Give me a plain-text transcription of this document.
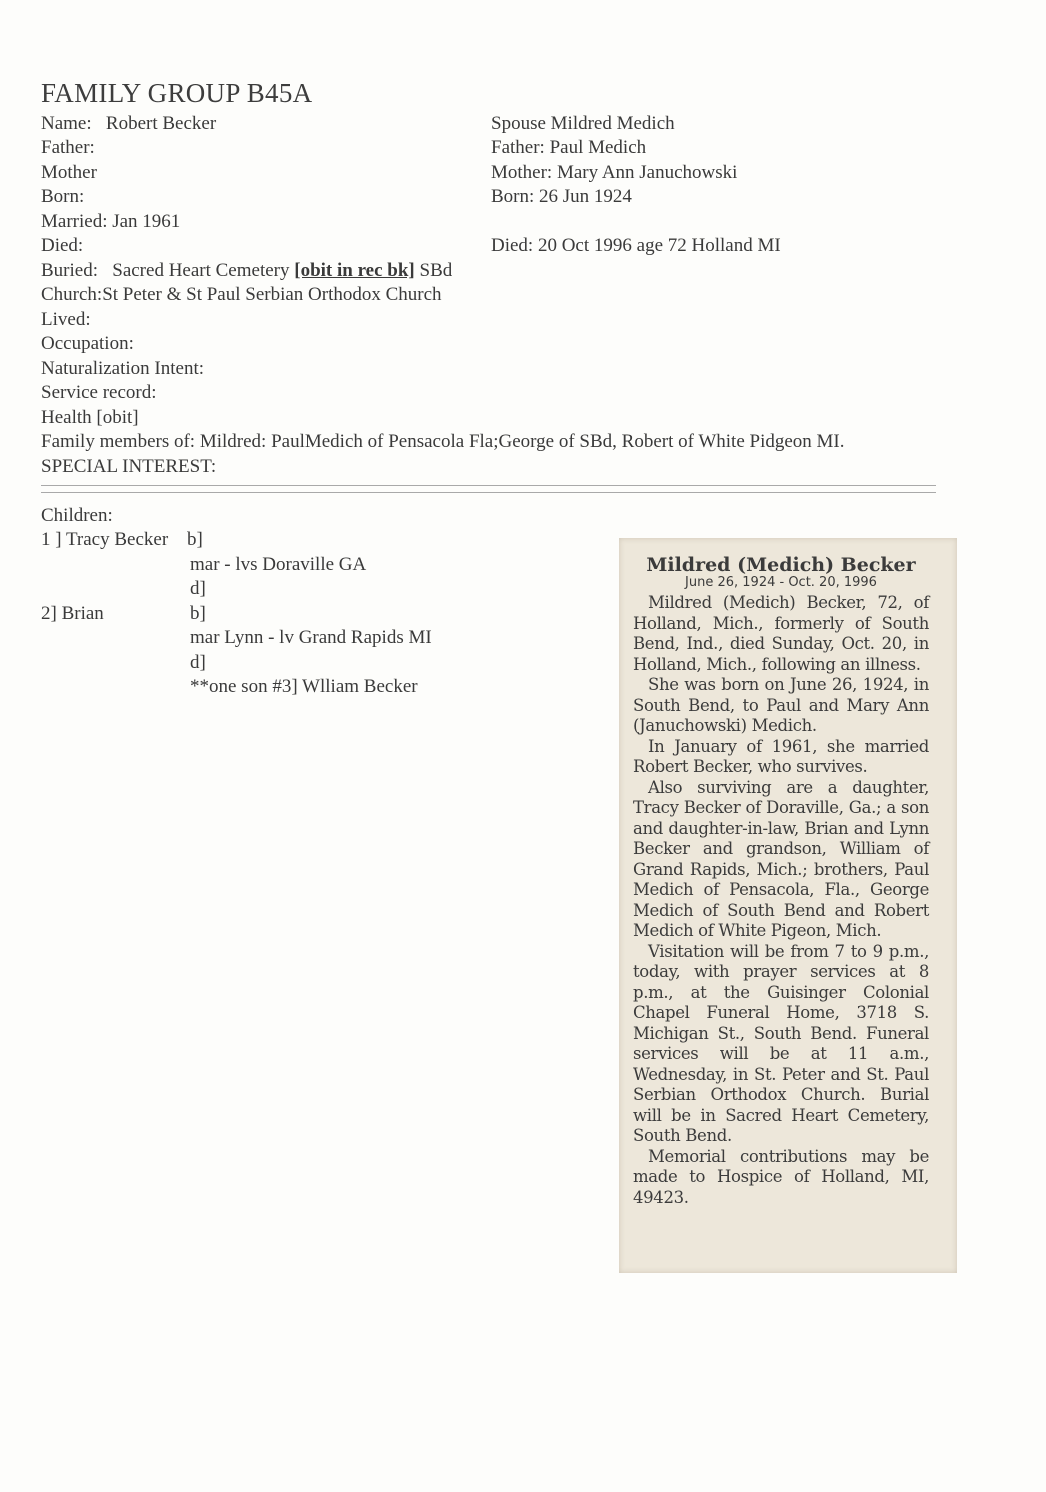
FAMILY GROUP B45A
Name: Robert Becker
Father:
Mother
Born:
Married: Jan 1961
Died:
Buried: Sacred Heart Cemetery [obit in rec bk] SBd
Church:St Peter & St Paul Serbian Orthodox Church
Lived:
Occupation:
Naturalization Intent:
Service record:
Health [obit]
Family members of: Mildred: PaulMedich of Pensacola Fla;George of SBd, Robert of White Pidgeon MI.
SPECIAL INTEREST:
Spouse Mildred Medich
Father: Paul Medich
Mother: Mary Ann Januchowski
Born: 26 Jun 1924
Died: 20 Oct 1996 age 72 Holland MI
Children:
1 ] Tracy Becker b]
mar - lvs Doraville GA
d]
2] Brian	b]
mar Lynn - lv Grand Rapids MI
d]
**one son #3] Wlliam Becker
Mildred (Medich) Becker
June 26, 1924 - Oct. 20, 1996

Mildred (Medich) Becker, 72, of Holland, Mich., formerly of South Bend, Ind., died Sunday, Oct. 20, in Holland, Mich., following an illness.

She was born on June 26, 1924, in South Bend, to Paul and Mary Ann (Januchowski) Medich.

In January of 1961, she married Robert Becker, who survives.

Also surviving are a daughter, Tracy Becker of Doraville, Ga.; a son and daughter-in-law, Brian and Lynn Becker and grandson, William of Grand Rapids, Mich.; brothers, Paul Medich of Pensacola, Fla., George Medich of South Bend and Robert Medich of White Pigeon, Mich.

Visitation will be from 7 to 9 p.m., today, with prayer services at 8 p.m., at the Guisinger Colonial Chapel Funeral Home, 3718 S. Michigan St., South Bend. Funeral services will be at 11 a.m., Wednesday, in St. Peter and St. Paul Serbian Orthodox Church. Burial will be in Sacred Heart Cemetery, South Bend.

Memorial contributions may be made to Hospice of Holland, MI, 49423.
